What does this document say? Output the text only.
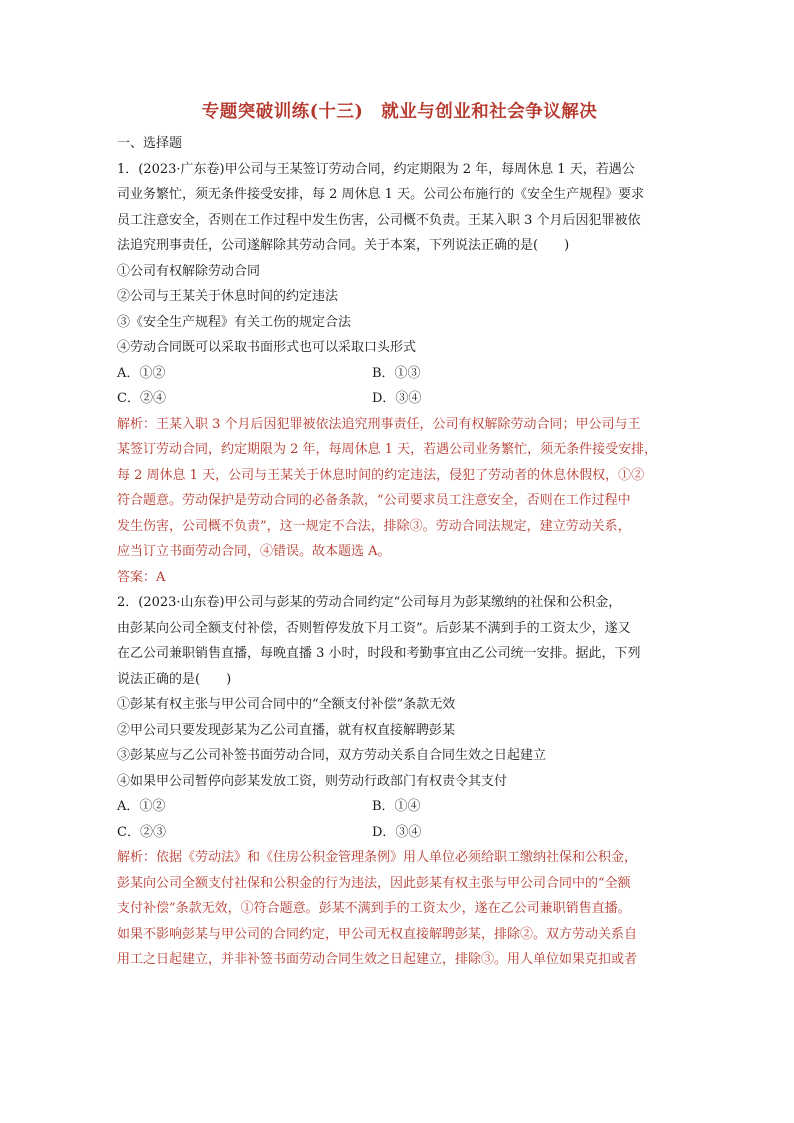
专题突破训练(十三) 就业与创业和社会争议解决
一、选择题
1．(2023·广东卷)甲公司与王某签订劳动合同，约定期限为 2 年，每周休息 1 天，若遇公
司业务繁忙，须无条件接受安排，每 2 周休息 1 天。公司公布施行的《安全生产规程》要求
员工注意安全，否则在工作过程中发生伤害，公司概不负责。王某入职 3 个月后因犯罪被依
法追究刑事责任，公司遂解除其劳动合同。关于本案，下列说法正确的是(　　)
①公司有权解除劳动合同
②公司与王某关于休息时间的约定违法
③《安全生产规程》有关工伤的规定合法
④劳动合同既可以采取书面形式也可以采取口头形式
A．①②	B．①③
C．②④	D．③④
解析：王某入职 3 个月后因犯罪被依法追究刑事责任，公司有权解除劳动合同；甲公司与王
某签订劳动合同，约定期限为 2 年，每周休息 1 天，若遇公司业务繁忙，须无条件接受安排，
每 2 周休息 1 天，公司与王某关于休息时间的约定违法，侵犯了劳动者的休息休假权，①②
符合题意。劳动保护是劳动合同的必备条款，“公司要求员工注意安全，否则在工作过程中
发生伤害，公司概不负责”，这一规定不合法，排除③。劳动合同法规定，建立劳动关系，
应当订立书面劳动合同，④错误。故本题选 A。
答案：A
2．(2023·山东卷)甲公司与彭某的劳动合同约定“公司每月为彭某缴纳的社保和公积金，
由彭某向公司全额支付补偿，否则暂停发放下月工资”。后彭某不满到手的工资太少，遂又
在乙公司兼职销售直播，每晚直播 3 小时，时段和考勤事宜由乙公司统一安排。据此，下列
说法正确的是(　　)
①彭某有权主张与甲公司合同中的“全额支付补偿”条款无效
②甲公司只要发现彭某为乙公司直播，就有权直接解聘彭某
③彭某应与乙公司补签书面劳动合同，双方劳动关系自合同生效之日起建立
④如果甲公司暂停向彭某发放工资，则劳动行政部门有权责令其支付
A．①②	B．①④
C．②③	D．③④
解析：依据《劳动法》和《住房公积金管理条例》用人单位必须给职工缴纳社保和公积金，
彭某向公司全额支付社保和公积金的行为违法，因此彭某有权主张与甲公司合同中的“全额
支付补偿”条款无效，①符合题意。彭某不满到手的工资太少，遂在乙公司兼职销售直播。
如果不影响彭某与甲公司的合同约定，甲公司无权直接解聘彭某，排除②。双方劳动关系自
用工之日起建立，并非补签书面劳动合同生效之日起建立，排除③。用人单位如果克扣或者
